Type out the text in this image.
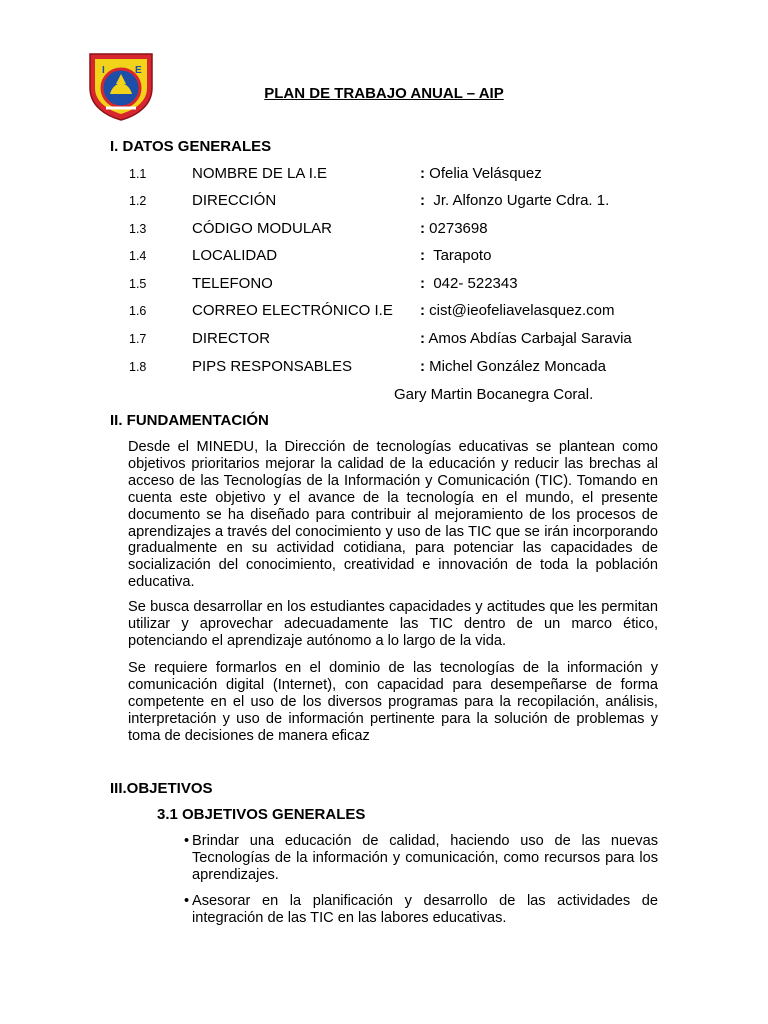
I	E
PLAN DE TRABAJO ANUAL – AIP
I. DATOS GENERALES
1.1	NOMBRE DE LA I.E	: Ofelia Velásquez
1.2	DIRECCIÓN	:  Jr. Alfonzo Ugarte Cdra. 1.
1.3	CÓDIGO MODULAR	: 0273698
1.4	LOCALIDAD	:  Tarapoto
1.5	TELEFONO	:  042- 522343
1.6	CORREO ELECTRÓNICO I.E : cist@ieofeliavelasquez.com
1.7	DIRECTOR	: Amos Abdías Carbajal Saravia
1.8	PIPS RESPONSABLES	: Michel González Moncada
Gary Martin Bocanegra Coral.
II. FUNDAMENTACIÓN

Desde el MINEDU, la Dirección de tecnologías educativas se plantean como objetivos prioritarios mejorar la calidad de la educación y reducir las brechas al acceso de las Tecnologías de la Información y Comunicación (TIC). Tomando en cuenta este objetivo y el avance de la tecnología en el mundo, el presente documento se ha diseñado para contribuir al mejoramiento de los procesos de aprendizajes a través del conocimiento y uso de las TIC que se irán incorporando gradualmente en su actividad cotidiana, para potenciar las capacidades de socialización del conocimiento, creatividad e innovación de toda la población educativa.

Se busca desarrollar en los estudiantes capacidades y actitudes que les permitan utilizar y aprovechar adecuadamente las TIC dentro de un marco ético, potenciando el aprendizaje autónomo a lo largo de la vida.

Se requiere formarlos en el dominio de las tecnologías de la información y comunicación digital (Internet), con capacidad para desempeñarse de forma competente en el uso de los diversos programas para la recopilación, análisis, interpretación y uso de información pertinente para la solución de problemas y toma de decisiones de manera eficaz

III.OBJETIVOS
3.1 OBJETIVOS GENERALES
• Brindar una educación de calidad, haciendo uso de las nuevas Tecnologías de la información y comunicación, como recursos para los aprendizajes.

• Asesorar en la planificación y desarrollo de las actividades de integración de las TIC en las labores educativas.
